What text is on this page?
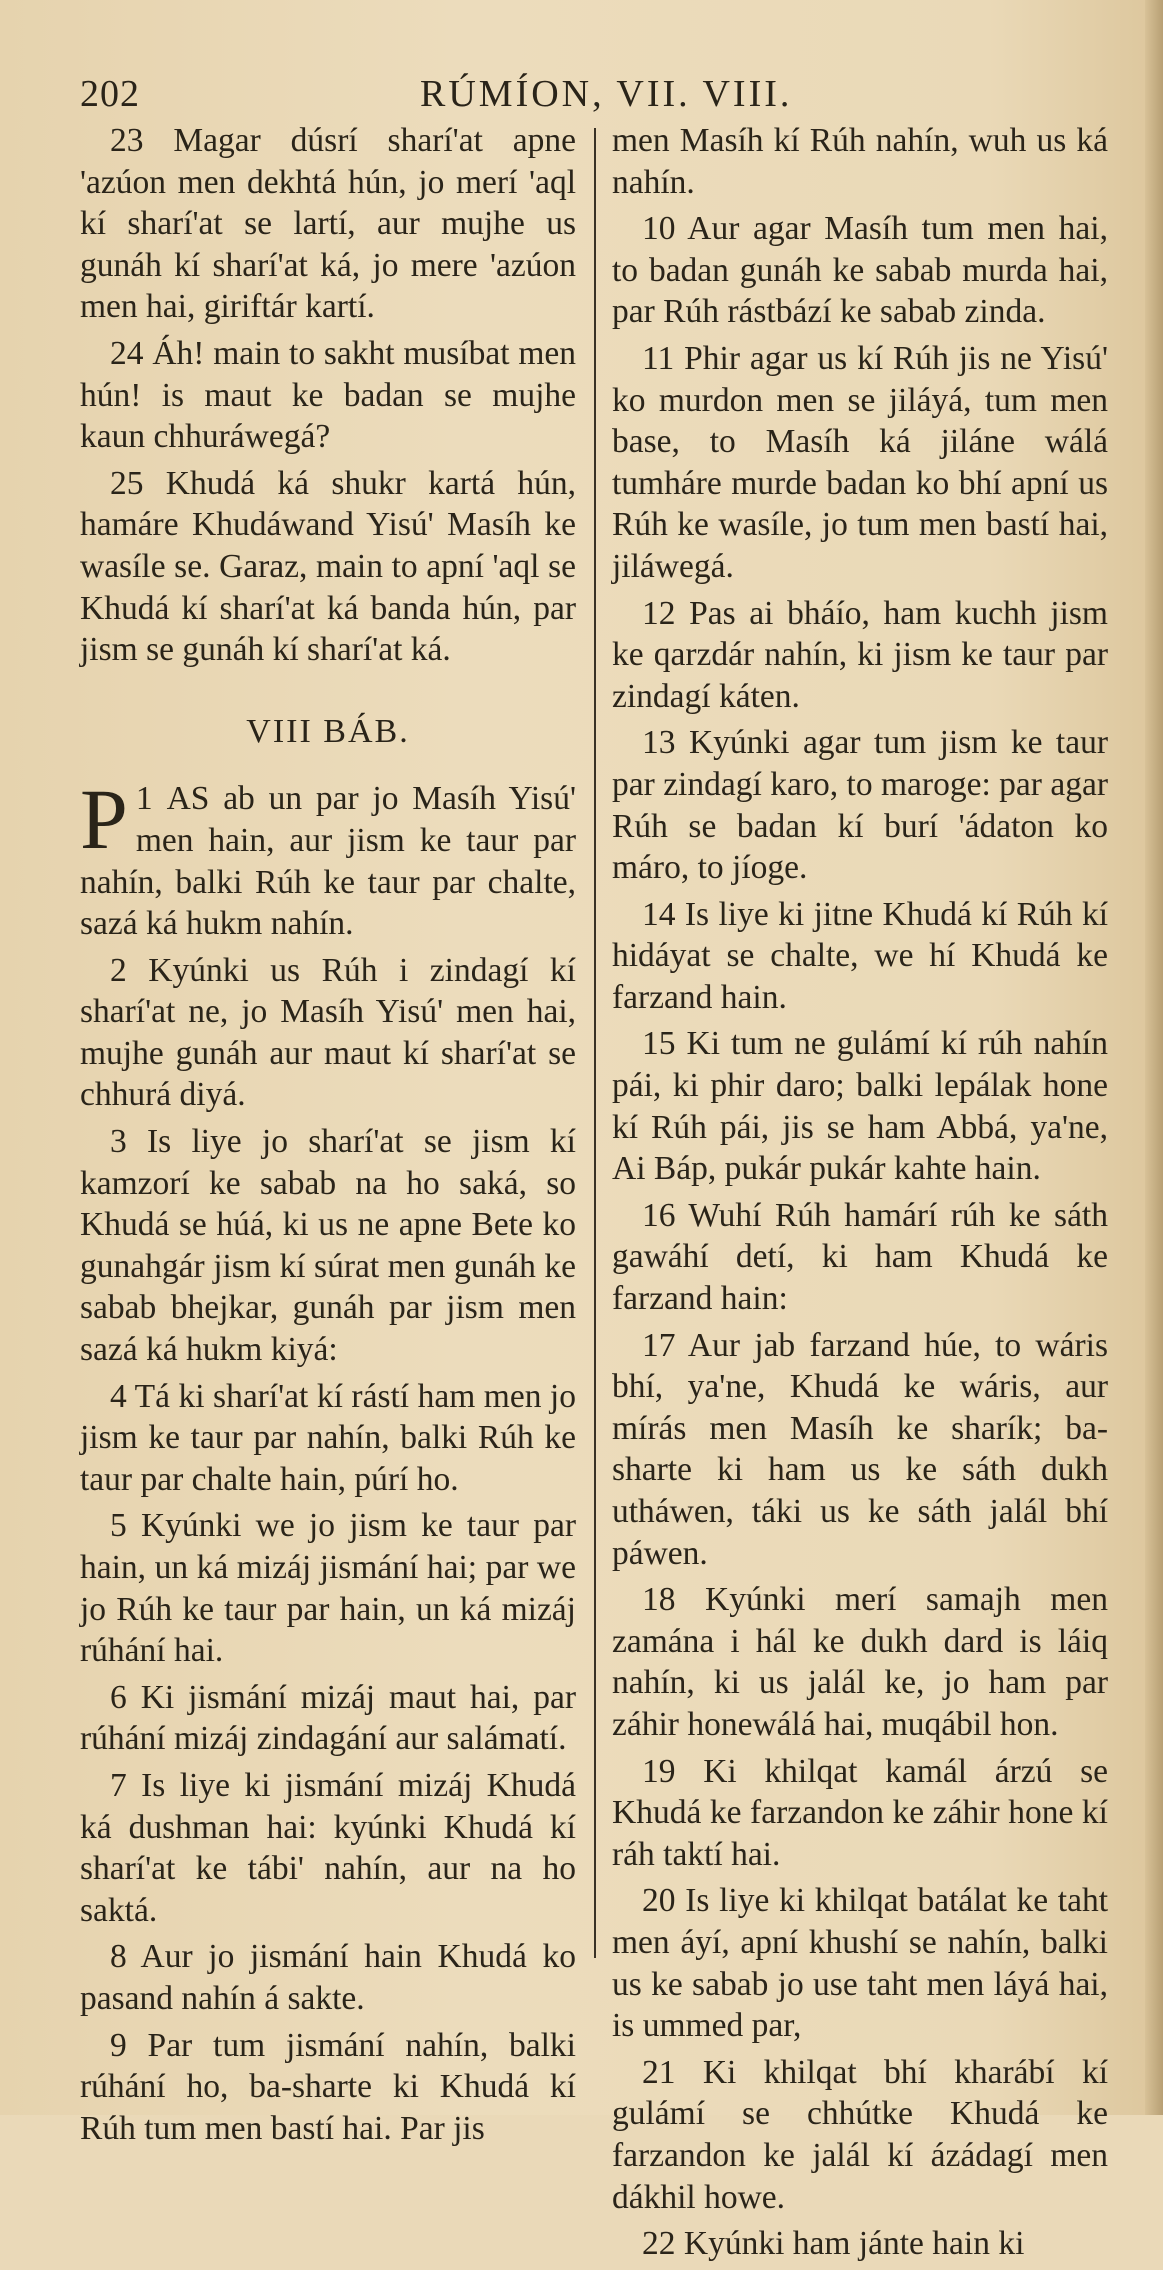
202	RÚMÍON, VII. VIII.

23 Magar dúsrí sharí'at apne 'azúon men dekhtá hún, jo merí 'aql kí sharí'at se lartí, aur mujhe us gunáh kí sharí'at ká, jo mere 'azúon men hai, giriftár kartí.

24 Áh! main to sakht musíbat men hún! is maut ke badan se mujhe kaun chhuráwegá?

25 Khudá ká shukr kartá hún, hamáre Khudáwand Yisú' Masíh ke wasíle se. Garaz, main to apní 'aql se Khudá kí sharí'at ká banda hún, par jism se gunáh kí sharí'at ká.

VIII BÁB.

1
P AS ab un par jo Masíh Yisú' men hain, aur jism ke taur par nahín, balki Rúh ke taur par chalte, sazá ká hukm nahín.

2 Kyúnki us Rúh i zindagí kí sharí'at ne, jo Masíh Yisú' men hai, mujhe gunáh aur maut kí sharí'at se chhurá diyá.

3 Is liye jo sharí'at se jism kí kamzorí ke sabab na ho saká, so Khudá se húá, ki us ne apne Bete ko gunahgár jism kí súrat men gunáh ke sabab bhejkar, gunáh par jism men sazá ká hukm kiyá:

4 Tá ki sharí'at kí rástí ham men jo jism ke taur par nahín, balki Rúh ke taur par chalte hain, púrí ho.

5 Kyúnki we jo jism ke taur par hain, un ká mizáj jismání hai; par we jo Rúh ke taur par hain, un ká mizáj rúhání hai.

6 Ki jismání mizáj maut hai, par rúhání mizáj zindagání aur salámatí.

7 Is liye ki jismání mizáj Khudá ká dushman hai: kyúnki Khudá kí sharí'at ke tábi' nahín, aur na ho saktá.

8 Aur jo jismání hain Khudá ko pasand nahín á sakte.

9 Par tum jismání nahín, balki rúhání ho, ba-sharte ki Khudá kí Rúh tum men bastí hai. Par jis

men Masíh kí Rúh nahín, wuh us ká nahín.

10 Aur agar Masíh tum men hai, to badan gunáh ke sabab murda hai, par Rúh rástbází ke sabab zinda.

11 Phir agar us kí Rúh jis ne Yisú' ko murdon men se jiláyá, tum men base, to Masíh ká jiláne wálá tumháre murde badan ko bhí apní us Rúh ke wasíle, jo tum men bastí hai, jiláwegá.

12 Pas ai bháío, ham kuchh jism ke qarzdár nahín, ki jism ke taur par zindagí káten.

13 Kyúnki agar tum jism ke taur par zindagí karo, to maroge: par agar Rúh se badan kí burí 'ádaton ko máro, to jíoge.

14 Is liye ki jitne Khudá kí Rúh kí hidáyat se chalte, we hí Khudá ke farzand hain.

15 Ki tum ne gulámí kí rúh nahín pái, ki phir daro; balki lepálak hone kí Rúh pái, jis se ham Abbá, ya'ne, Ai Báp, pukár pukár kahte hain.

16 Wuhí Rúh hamárí rúh ke sáth gawáhí detí, ki ham Khudá ke farzand hain:

17 Aur jab farzand húe, to wáris bhí, ya'ne, Khudá ke wáris, aur mírás men Masíh ke sharík; ba-sharte ki ham us ke sáth dukh utháwen, táki us ke sáth jalál bhí páwen.

18 Kyúnki merí samajh men zamána i hál ke dukh dard is láiq nahín, ki us jalál ke, jo ham par záhir honewálá hai, muqábil hon.

19 Ki khilqat kamál árzú se Khudá ke farzandon ke záhir hone kí ráh taktí hai.

20 Is liye ki khilqat batálat ke taht men áyí, apní khushí se nahín, balki us ke sabab jo use taht men láyá hai, is ummed par,

21 Ki khilqat bhí kharábí kí gulámí se chhútke Khudá ke farzandon ke jalál kí ázádagí men dákhil howe.

22 Kyúnki ham jánte hain ki
